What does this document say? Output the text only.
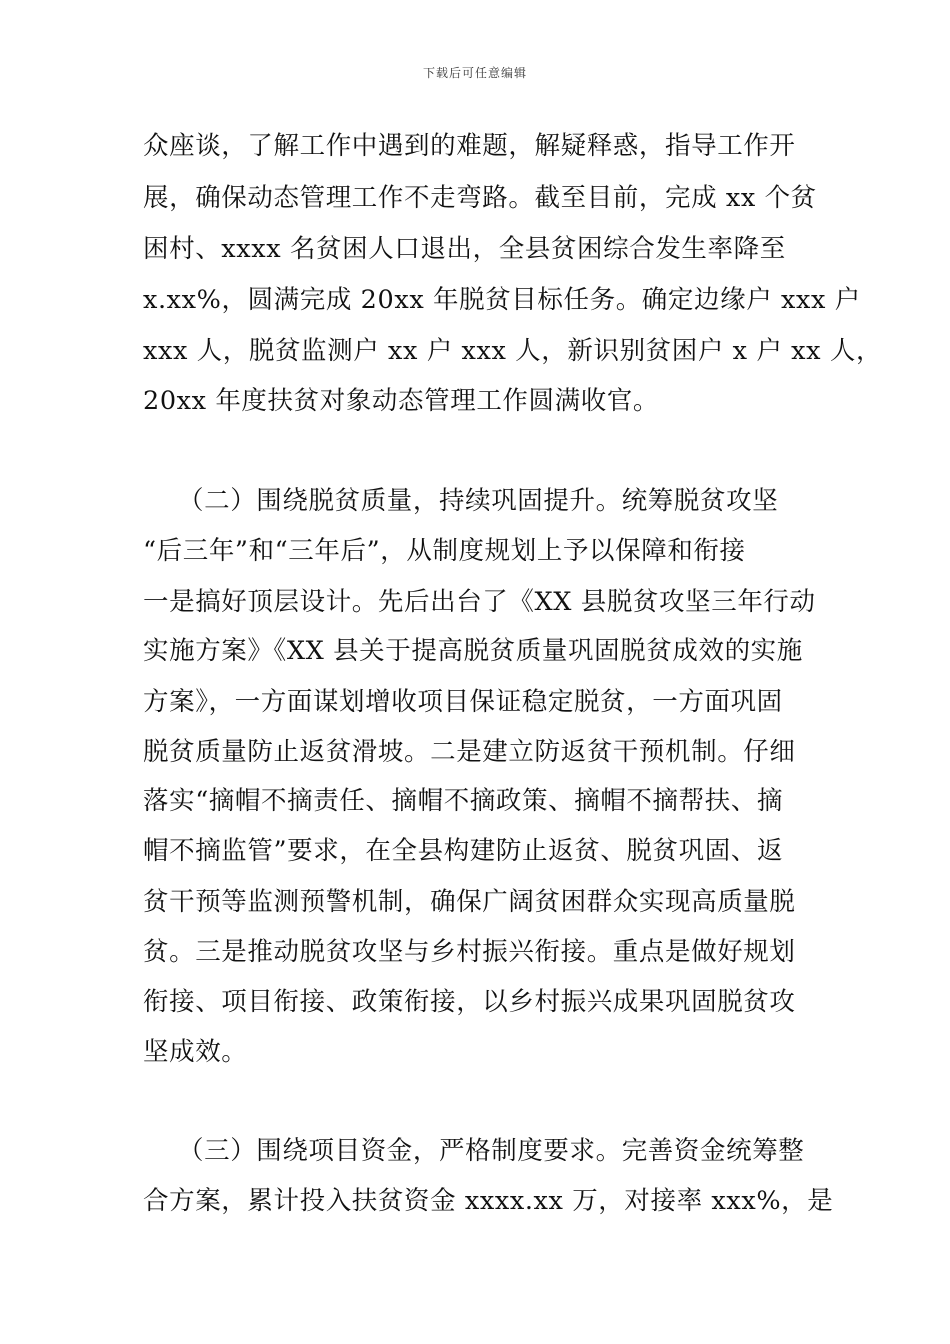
下载后可任意编辑
众座谈，了解工作中遇到的难题，解疑释惑，指导工作开
展，确保动态管理工作不走弯路。截至目前，完成 xx 个贫
困村、xxxx 名贫困人口退出，全县贫困综合发生率降至
x.xx%，圆满完成 20xx 年脱贫目标任务。确定边缘户 xxx 户
xxx 人，脱贫监测户 xx 户 xxx 人，新识别贫困户 x 户 xx 人，
20xx 年度扶贫对象动态管理工作圆满收官。
（二）围绕脱贫质量，持续巩固提升。统筹脱贫攻坚
“后三年”和“三年后”，从制度规划上予以保障和衔接
一是搞好顶层设计。先后出台了《XX 县脱贫攻坚三年行动
实施方案》《XX 县关于提高脱贫质量巩固脱贫成效的实施
方案》，一方面谋划增收项目保证稳定脱贫，一方面巩固
脱贫质量防止返贫滑坡。二是建立防返贫干预机制。仔细
落实“摘帽不摘责任、摘帽不摘政策、摘帽不摘帮扶、摘
帽不摘监管”要求，在全县构建防止返贫、脱贫巩固、返
贫干预等监测预警机制，确保广阔贫困群众实现高质量脱
贫。三是推动脱贫攻坚与乡村振兴衔接。重点是做好规划
衔接、项目衔接、政策衔接，以乡村振兴成果巩固脱贫攻
坚成效。
（三）围绕项目资金，严格制度要求。完善资金统筹整
合方案，累计投入扶贫资金 xxxx.xx 万，对接率 xxx%，是
